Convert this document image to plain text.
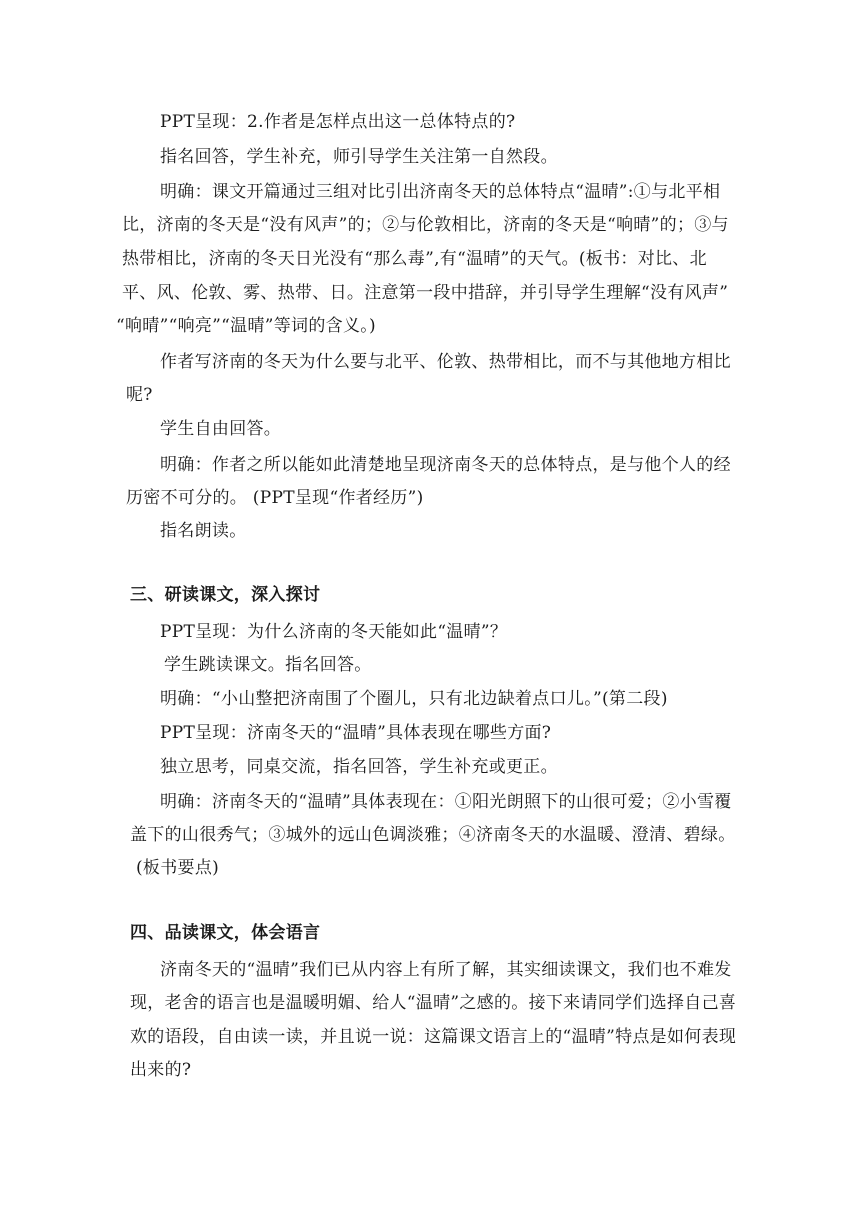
PPT呈现：2.作者是怎样点出这一总体特点的?
指名回答，学生补充，师引导学生关注第一自然段。
明确：课文开篇通过三组对比引出济南冬天的总体特点“温晴”:①与北平相
比，济南的冬天是“没有风声”的；②与伦敦相比，济南的冬天是“响晴”的；③与
热带相比，济南的冬天日光没有“那么毒”,有“温晴”的天气。(板书：对比、北
平、风、伦敦、雾、热带、日。注意第一段中措辞，并引导学生理解“没有风声”
“响晴”“响亮”“温晴”等词的含义。)
作者写济南的冬天为什么要与北平、伦敦、热带相比，而不与其他地方相比
呢?
学生自由回答。
明确：作者之所以能如此清楚地呈现济南冬天的总体特点，是与他个人的经
历密不可分的。 (PPT呈现“作者经历”)
指名朗读。
三、研读课文，深入探讨
PPT呈现：为什么济南的冬天能如此“温晴”？
学生跳读课文。指名回答。
明确：“小山整把济南围了个圈儿，只有北边缺着点口儿。”(第二段)
PPT呈现：济南冬天的“温晴”具体表现在哪些方面?
独立思考，同桌交流，指名回答，学生补充或更正。
明确：济南冬天的“温晴”具体表现在：①阳光朗照下的山很可爱；②小雪覆
盖下的山很秀气；③城外的远山色调淡雅；④济南冬天的水温暖、澄清、碧绿。
(板书要点)
四、品读课文，体会语言
济南冬天的“温晴”我们已从内容上有所了解，其实细读课文，我们也不难发
现，老舍的语言也是温暖明媚、给人“温晴”之感的。接下来请同学们选择自己喜
欢的语段，自由读一读，并且说一说：这篇课文语言上的“温晴”特点是如何表现
出来的?
